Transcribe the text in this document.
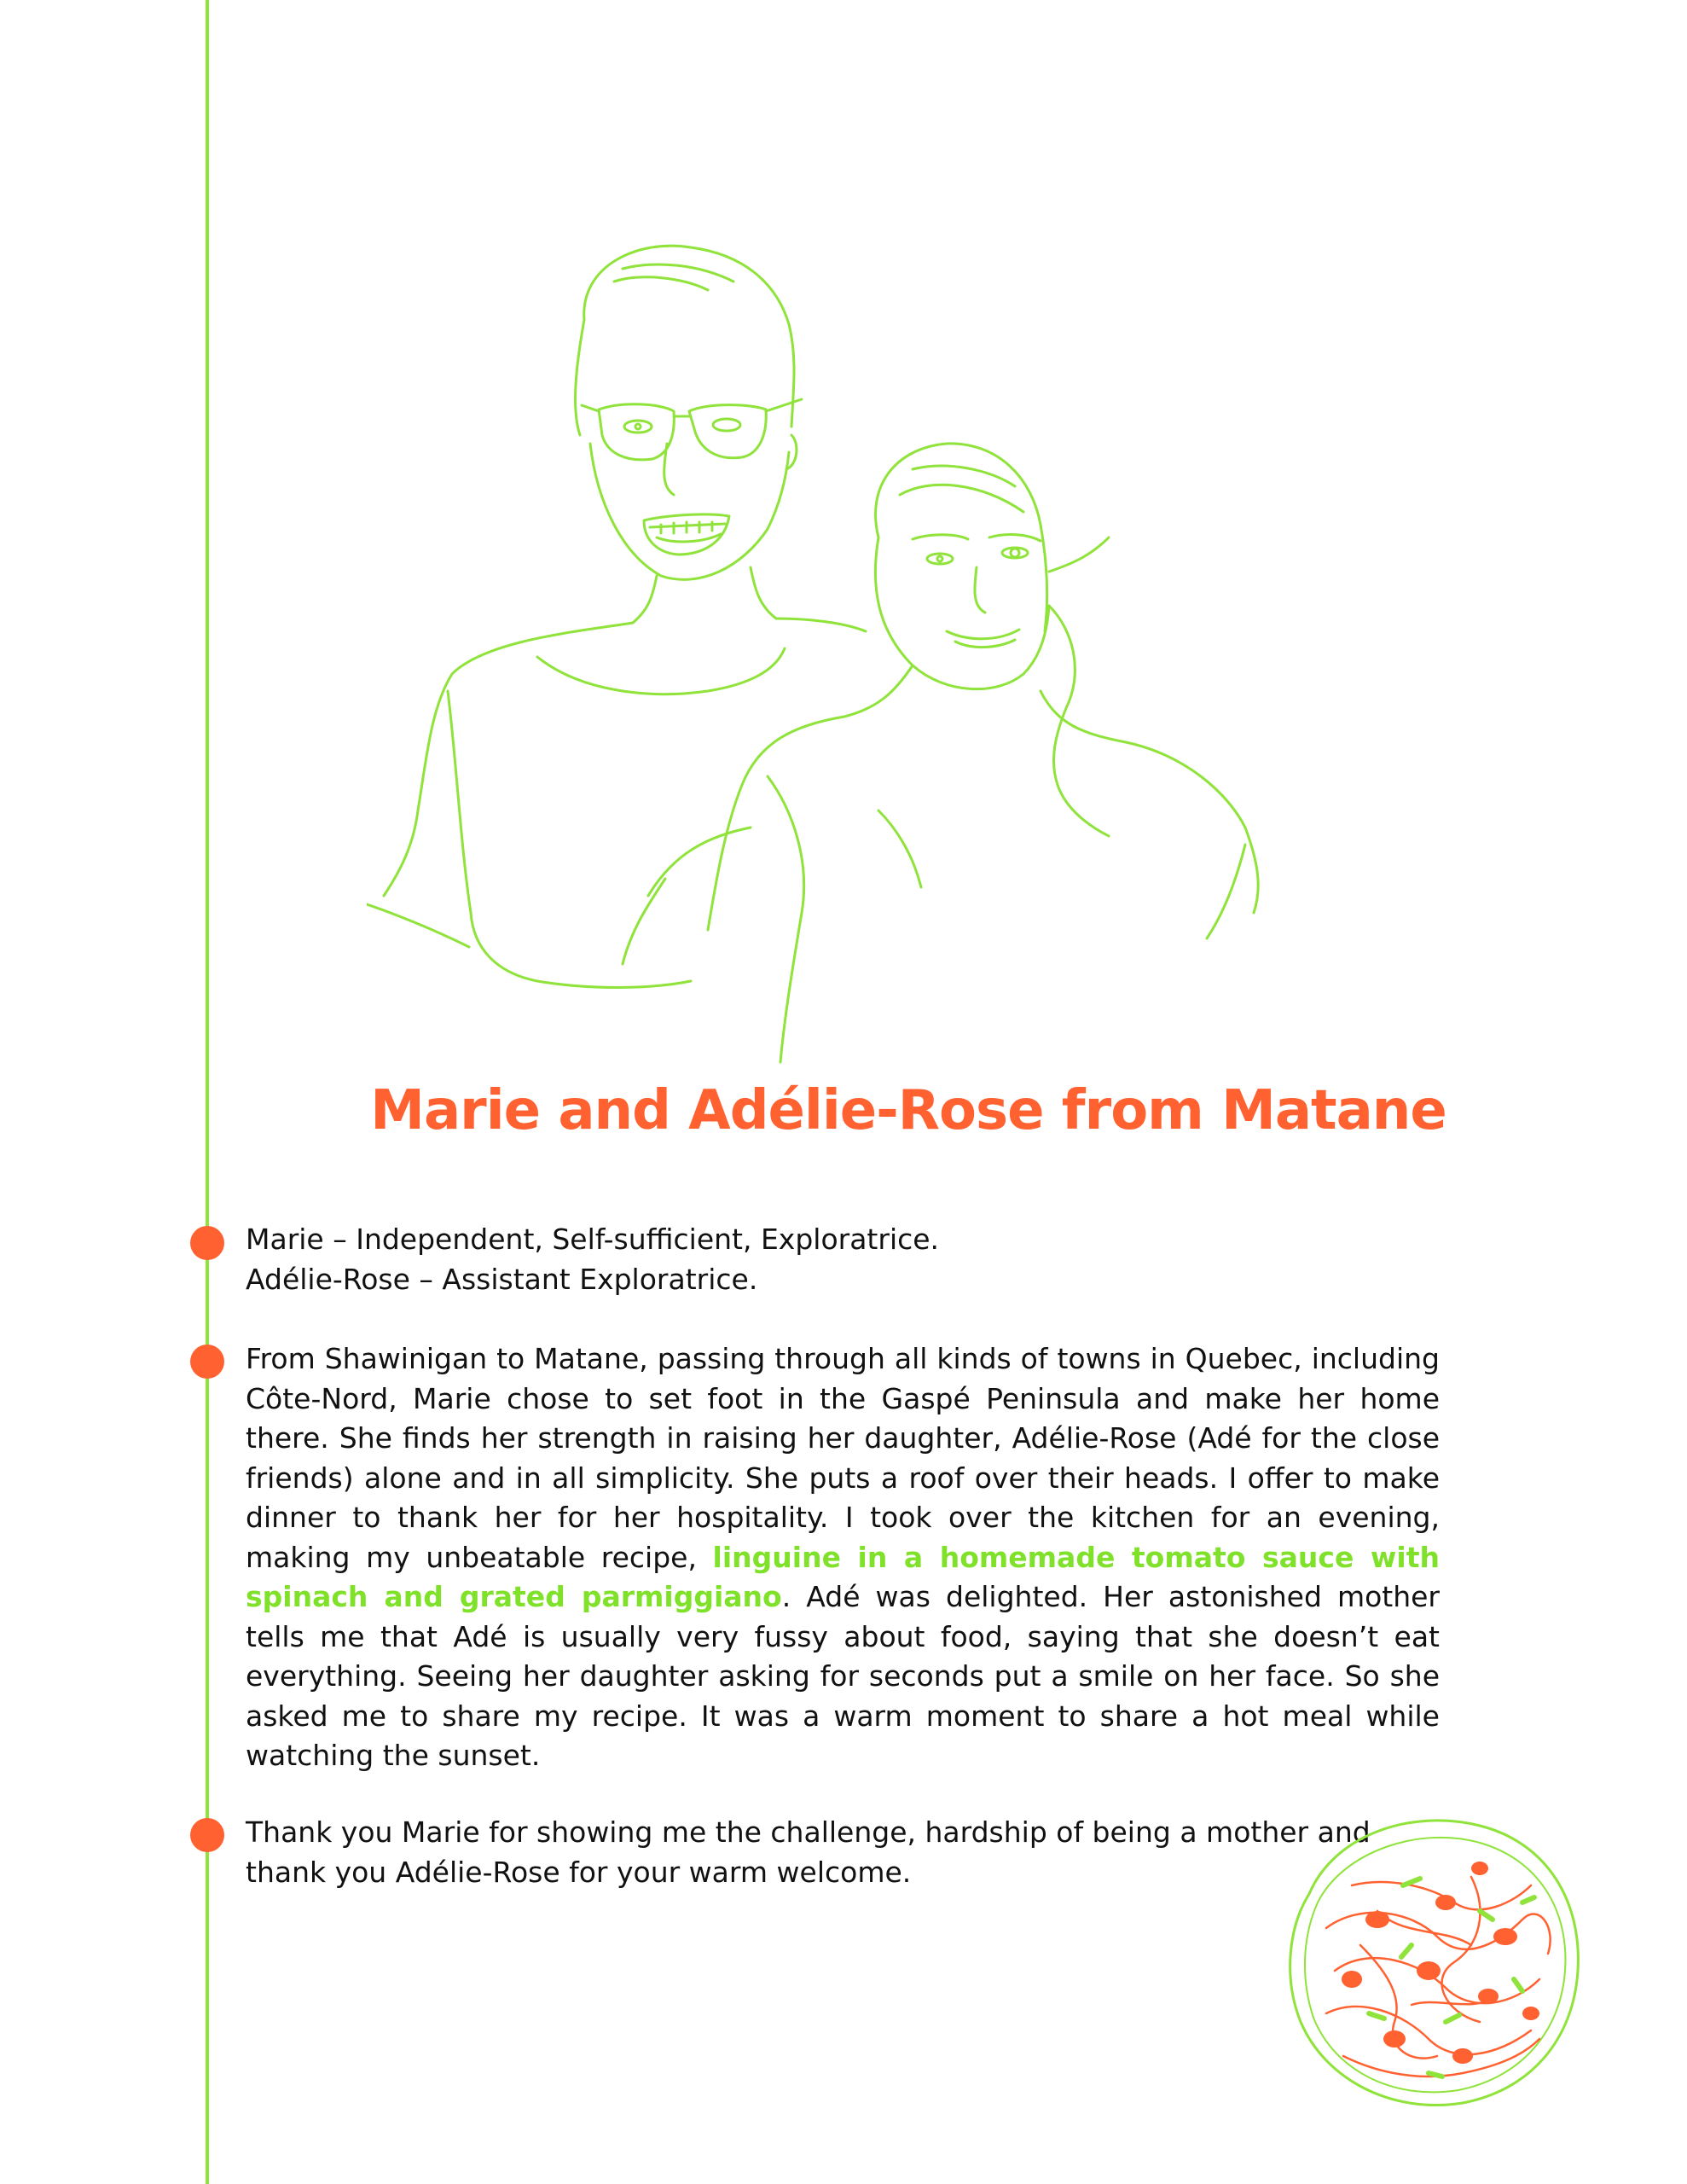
Marie and Adélie-Rose from Matane
Marie – Independent, Self-sufficient, Exploratrice.
Adélie-Rose – Assistant Exploratrice.

From Shawinigan to Matane, passing through all kinds of towns in Quebec, including Côte-Nord, Marie chose to set foot in the Gaspé Peninsula and make her home there. She finds her strength in raising her daughter, Adélie-Rose (Adé for the close friends) alone and in all simplicity. She puts a roof over their heads. I offer to make dinner to thank her for her hospitality. I took over the kitchen for an evening, making my unbeatable recipe, linguine in a homemade tomato sauce with spinach and grated parmiggiano. Adé was delighted. Her astonished mother tells me that Adé is usually very fussy about food, saying that she doesn’t eat everything. Seeing her daughter asking for seconds put a smile on her face. So she asked me to share my recipe. It was a warm moment to share a hot meal while watching the sunset.

Thank you Marie for showing me the challenge, hardship of being a mother and
thank you Adélie-Rose for your warm welcome.
